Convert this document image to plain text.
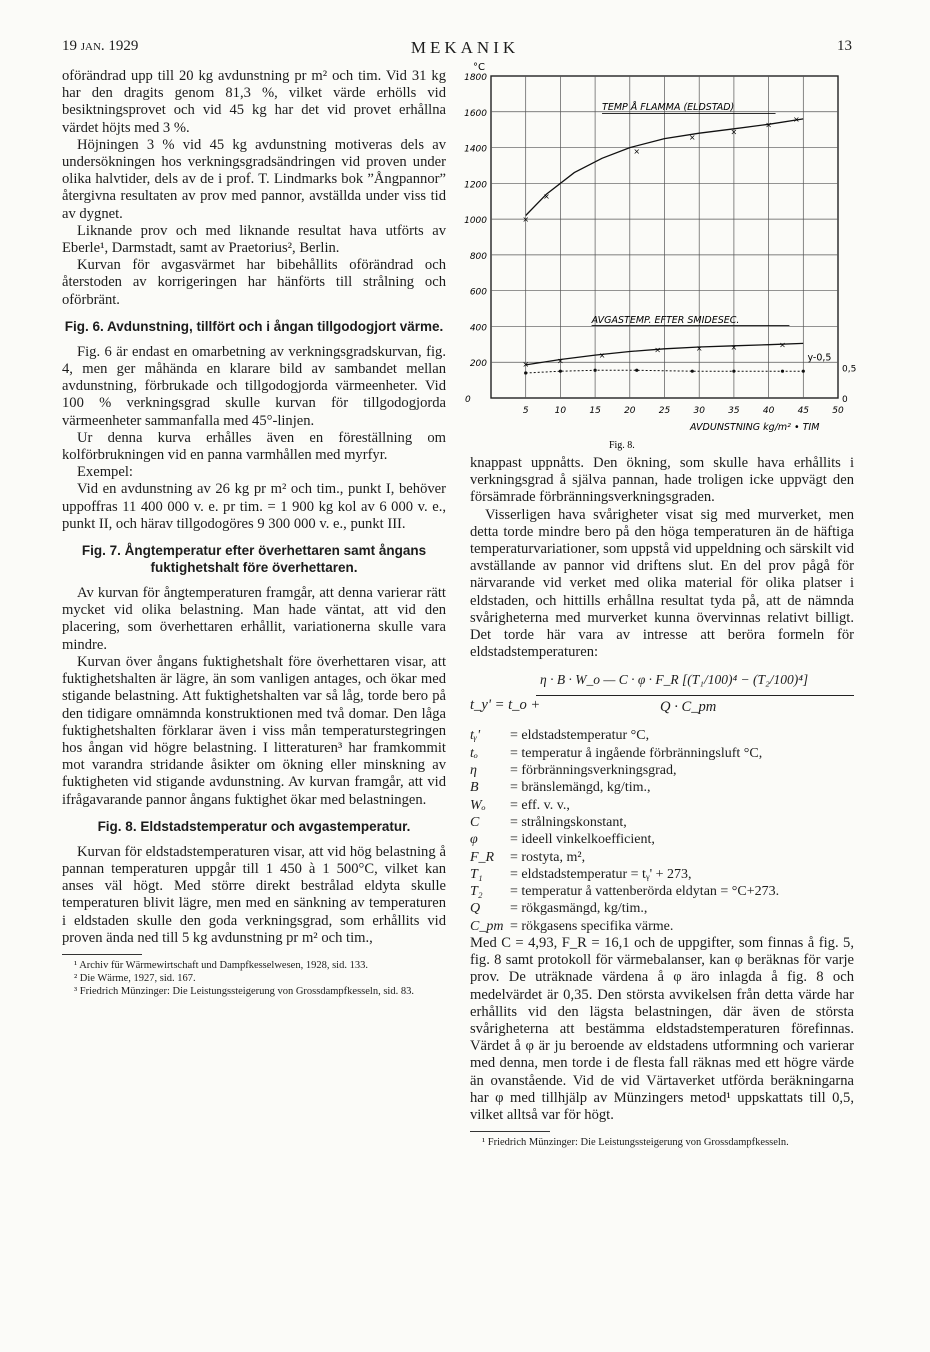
19 jan. 1929	MEKANIK	13

oförändrad upp till 20 kg avdunstning pr m² och tim. Vid 31 kg har den dragits genom 81,3 %, vilket värde erhölls vid besiktningsprovet och vid 45 kg har det vid provet erhållna värdet höjts med 3 %.

Höjningen 3 % vid 45 kg avdunstning motiveras dels av undersökningen hos verkningsgradsändringen vid proven under olika halvtider, dels av de i prof. T. Lindmarks bok ”Ångpannor” återgivna resultaten av prov med pannor, avställda under viss tid av dygnet.

Liknande prov och med liknande resultat hava utförts av Eberle¹, Darmstadt, samt av Praetorius², Berlin.

Kurvan för avgasvärmet har bibehållits oförändrad och återstoden av korrigeringen har hänförts till strålning och oförbränt.

Fig. 6. Avdunstning, tillfört och i ångan tillgodogjort värme.

Fig. 6 är endast en omarbetning av verkningsgradskurvan, fig. 4, men ger måhända en klarare bild av sambandet mellan avdunstning, förbrukade och tillgodogjorda värmeenheter. Vid 100 % verkningsgrad skulle kurvan för tillgodogjorda värmeenheter sammanfalla med 45°-linjen.

Ur denna kurva erhålles även en föreställning om kolförbrukningen vid en panna varmhållen med myrfyr.

Exempel:

Vid en avdunstning av 26 kg pr m² och tim., punkt I, behöver uppoffras 11 400 000 v. e. pr tim. = 1 900 kg kol av 6 000 v. e., punkt II, och härav tillgodogöres 9 300 000 v. e., punkt III.

Fig. 7. Ångtemperatur efter överhettaren samt ångans fuktighetshalt före överhettaren.

Av kurvan för ångtemperaturen framgår, att denna varierar rätt mycket vid olika belastning. Man hade väntat, att vid den placering, som överhettaren erhållit, variationerna skulle vara mindre.

Kurvan över ångans fuktighetshalt före överhettaren visar, att fuktighetshalten är lägre, än som vanligen antages, och ökar med stigande belastning. Att fuktighetshalten var så låg, torde bero på den tidigare omnämnda konstruktionen med två domar. Den låga fuktighetshalten förklarar även i viss mån temperaturstegringen hos ångan vid högre belastning. I litteraturen³ har framkommit mot varandra stridande åsikter om ökning eller minskning av fuktigheten vid stigande avdunstning. Av kurvan framgår, att vid ifrågavarande pannor ångans fuktighet ökar med belastningen.

Fig. 8. Eldstadstemperatur och avgastemperatur.

Kurvan för eldstadstemperaturen visar, att vid hög belastning å pannan temperaturen uppgår till 1 450 à 1 500°C, vilket kan anses väl högt. Med större direkt bestrålad eldyta skulle temperaturen blivit lägre, men med en sänkning av temperaturen i eldstaden skulle den goda verkningsgrad, som erhållits vid proven ända ned till 5 kg avdunstning pr m² och tim.,

¹ Archiv für Wärmewirtschaft und Dampfkesselwesen, 1928, sid. 133.

² Die Wärme, 1927, sid. 167.

³ Friedrich Münzinger: Die Leistungssteigerung von Grossdampfkesseln, sid. 83.

200
400
600
800
1000
1200
1400
1600
1800
0
°C
5	10	15	20	25	30	35	40	45	50
0
0,5
AVDUNSTNING kg/m² • TIM
Fig. 8.
×
×
×
×
×
×
×
×	×
×
×	×	×	×
TEMP Å FLAMMA (ELDSTAD)
AVGASTEMP. EFTER SMIDESEC.
y-0,5

knappast uppnåtts. Den ökning, som skulle hava erhållits i verkningsgrad å själva pannan, hade troligen icke uppvägt den försämrade förbränningsverkningsgraden.

Visserligen hava svårigheter visat sig med murverket, men detta torde mindre bero på den höga temperaturen än de häftiga temperaturvariationer, som uppstå vid uppeldning och särskilt vid avställande av pannor vid driftens slut. En del prov pågå för närvarande vid verket med olika material för olika platser i eldstaden, och hittills erhållna resultat tyda på, att de nämnda svårigheterna med murverket kunna övervinnas relativt billigt. Det torde här vara av intresse att beröra formeln för eldstadstemperaturen:

t_y' = t_o +
η · B · W_o — C · φ · F_R [(T₁/100)⁴ − (T₂/100)⁴]
Q · C_pm
tᵧ'	= eldstadstemperatur °C,
tₒ	= temperatur å ingående förbränningsluft °C,
η	= förbränningsverkningsgrad,
B	= bränslemängd, kg/tim.,
Wₒ	= eff. v. v.,
C	= strålningskonstant,
φ	= ideell vinkelkoefficient,
F_R	= rostyta, m²,
T₁	= eldstadstemperatur = tᵧ' + 273,
T₂	= temperatur å vattenberörda eldytan = °C+273.
Q	= rökgasmängd, kg/tim.,
C_pm = rökgasens specifika värme.

Med C = 4,93, F_R = 16,1 och de uppgifter, som finnas å fig. 5, fig. 8 samt protokoll för värmebalanser, kan φ beräknas för varje prov. De uträknade värdena å φ äro inlagda å fig. 8 och medelvärdet är 0,35. Den största avvikelsen från detta värde har erhållits vid den lägsta belastningen, där även de största svårigheterna att bestämma eldstadstemperaturen förefinnas. Värdet å φ är ju beroende av eldstadens utformning och varierar med denna, men torde i de flesta fall räknas med ett högre värde än ovanstående. Vid de vid Värtaverket utförda beräkningarna har φ med tillhjälp av Münzingers metod¹ uppskattats till 0,5, vilket alltså var för högt.

¹ Friedrich Münzinger: Die Leistungssteigerung von Grossdampfkesseln.
